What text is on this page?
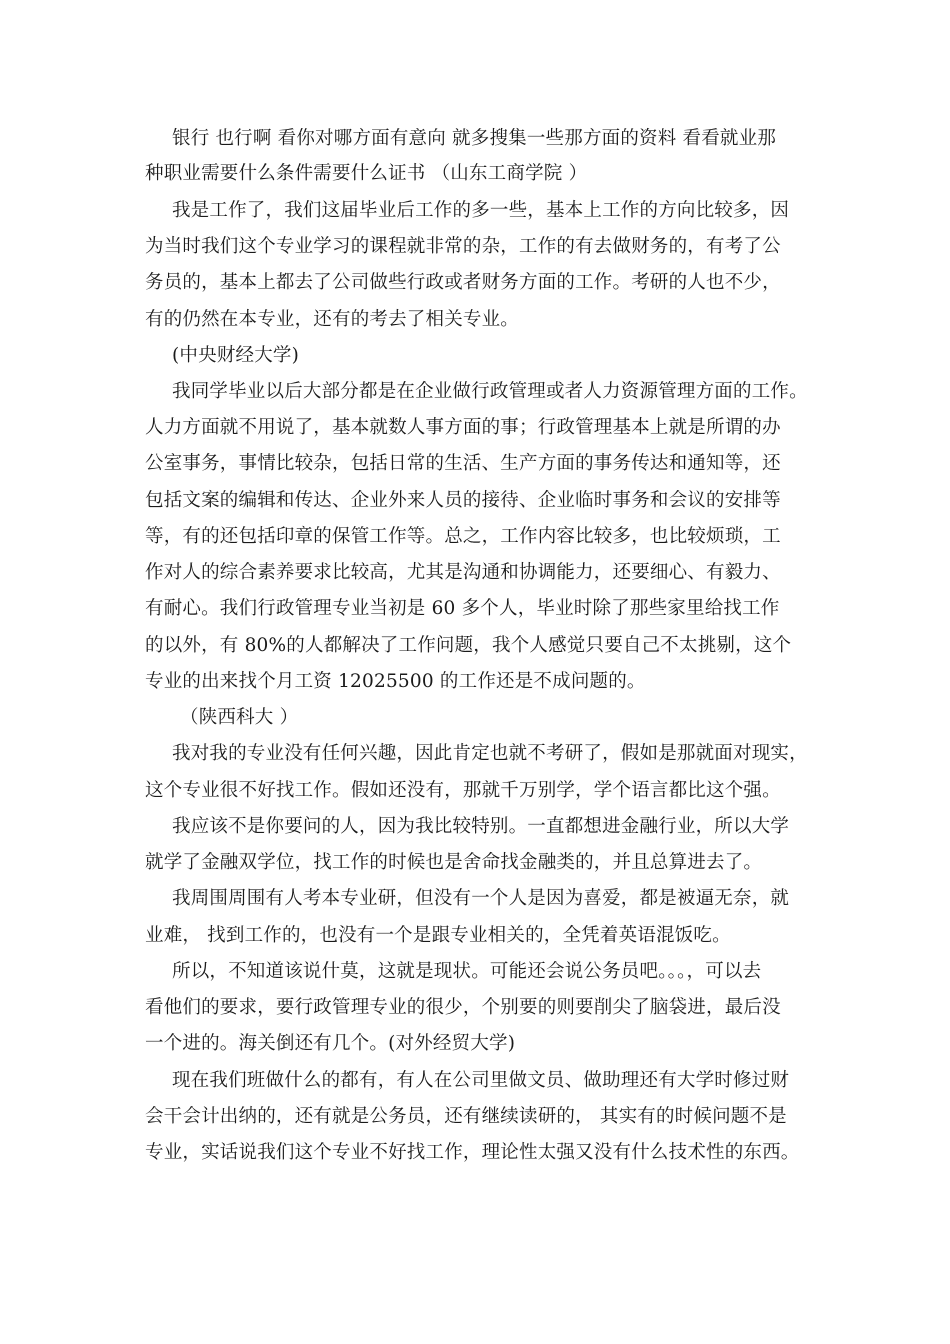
银行 也行啊 看你对哪方面有意向 就多搜集一些那方面的资料 看看就业那
种职业需要什么条件需要什么证书 （山东工商学院 ）
我是工作了，我们这届毕业后工作的多一些，基本上工作的方向比较多，因
为当时我们这个专业学习的课程就非常的杂，工作的有去做财务的，有考了公
务员的，基本上都去了公司做些行政或者财务方面的工作。考研的人也不少，
有的仍然在本专业，还有的考去了相关专业。
(中央财经大学)
我同学毕业以后大部分都是在企业做行政管理或者人力资源管理方面的工作。
人力方面就不用说了，基本就数人事方面的事；行政管理基本上就是所谓的办
公室事务，事情比较杂，包括日常的生活、生产方面的事务传达和通知等，还
包括文案的编辑和传达、企业外来人员的接待、企业临时事务和会议的安排等
等，有的还包括印章的保管工作等。总之，工作内容比较多，也比较烦琐，工
作对人的综合素养要求比较高，尤其是沟通和协调能力，还要细心、有毅力、
有耐心。我们行政管理专业当初是 60 多个人，毕业时除了那些家里给找工作
的以外，有 80%的人都解决了工作问题，我个人感觉只要自己不太挑剔，这个
专业的出来找个月工资 12025500 的工作还是不成问题的。
（陕西科大 ）
我对我的专业没有任何兴趣，因此肯定也就不考研了，假如是那就面对现实，
这个专业很不好找工作。假如还没有，那就千万别学，学个语言都比这个强。
我应该不是你要问的人，因为我比较特别。一直都想进金融行业，所以大学
就学了金融双学位，找工作的时候也是舍命找金融类的，并且总算进去了。
我周围周围有人考本专业研，但没有一个人是因为喜爱，都是被逼无奈，就
业难， 找到工作的，也没有一个是跟专业相关的，全凭着英语混饭吃。
所以，不知道该说什莫，这就是现状。可能还会说公务员吧。。。，可以去
看他们的要求，要行政管理专业的很少，个别要的则要削尖了脑袋进，最后没
一个进的。海关倒还有几个。(对外经贸大学)
现在我们班做什么的都有，有人在公司里做文员、做助理还有大学时修过财
会干会计出纳的，还有就是公务员，还有继续读研的， 其实有的时候问题不是
专业，实话说我们这个专业不好找工作，理论性太强又没有什么技术性的东西。
